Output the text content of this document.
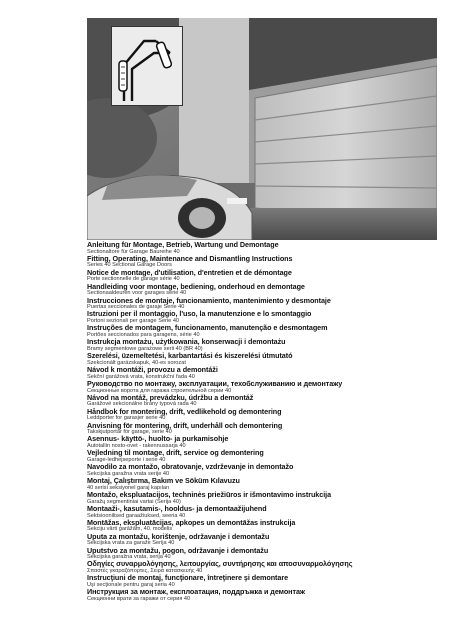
Anleitung für Montage, Betrieb, Wartung und Demontage
Sectionaltore für Garage Baureihe 40
Fitting, Operating, Maintenance and Dismantling Instructions
Series 40 Sectional Garage Doors
Notice de montage, d'utilisation, d'entretien et de démontage
Porte sectionnelle de garage série 40
Handleiding voor montage, bediening, onderhoud en demontage
Sectionaaldeuren voor garages serie 40
Instrucciones de montaje, funcionamiento, mantenimiento y desmontaje
Puertas seccionales de garaje Serie 40
Istruzioni per il montaggio, l'uso, la manutenzione e lo smontaggio
Portoni sezionali per garage Serie 40
Instruções de montagem, funcionamento, manutenção e desmontagem
Portões seccionados para garagens, série 40
Instrukcja montażu, użytkowania, konserwacji i demontażu
Bramy segmentowe garażowe serii 40 (BR 40)
Szerelési, üzemeltetési, karbantartási és kiszerelési útmutató
Szekcionált garázskapuk, 40-es sorozat
Návod k montáži, provozu a demontáži
Sekční garážová vrata, konstrukční řada 40
Руководство по монтажу, эксплуатации, техобслуживанию и демонтажу
Секционные ворота для гаража строительной серии 40
Návod na montáž, prevádzku, údržbu a demontáž
Garážové sekcionálne brány typová rada 40
Håndbok for montering, drift, vedlikehold og demontering
Leddporter for garasjer serie 40
Anvisning för montering, drift, underhåll och demontering
Takskjutportar för garage, serie 40
Asennus- käyttö-, huolto- ja purkamisohje
Autotallin nosto-ovet - rakennussarja 40
Vejledning til montage, drift, service og demontering
Garage-ledhejseporte i serie 40
Navodilo za montažo, obratovanje, vzdrževanje in demontažo
Sekcijska garažna vrata serije 40
Montaj, Çalıştırma, Bakım ve Söküm Kılavuzu
40 serisi seksiyonel garaj kapıları
Montažo, ekspluatacijos, techninės priežiūros ir išmontavimo instrukcija
Garažų segmentiniai vartai (Serija 40)
Montaaži-, kasutamis-, hooldus- ja demontaažijuhend
Sektsioonilised garaažiuksed, seeria 40
Montāžas, ekspluatācijas, apkopes un demontāžas instrukcija
Sekciju vārti garāžām, 40. modelis
Uputa za montažu, korištenje, održavanje i demontažu
Sekcijska vrata za garaže Serija 40
Uputstvo za montažu, pogon, održavanje i demontažu
Sekcijska garažna vrata, serija 40
Οδηγίες συναρμολόγησης, λειτουργίας, συντήρησης και αποσυναρμολόγησης
Σπαστές γκαραζόπορτες, Σειρά κατασκευής 40
Instrucţiuni de montaj, funcţionare, întreţinere şi demontare
Uşi secţionale pentru garaj seria 40
Инструкция за монтаж, експлоатация, поддръжка и демонтаж
Секционни врати за гаражи от серия 40
